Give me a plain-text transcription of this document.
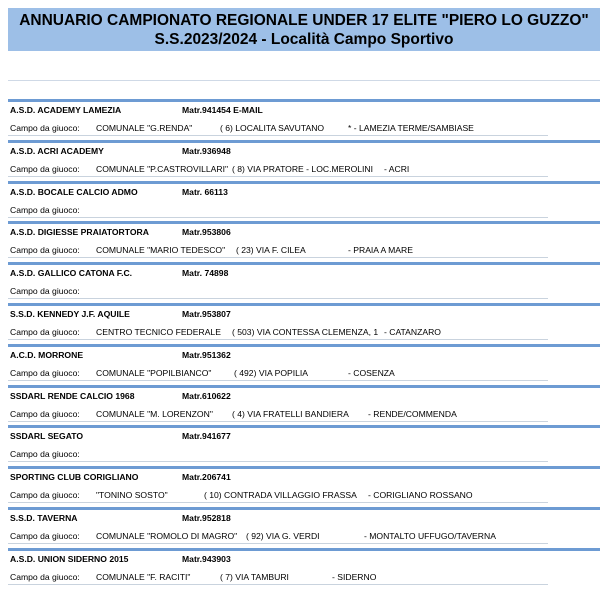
ANNUARIO CAMPIONATO REGIONALE UNDER 17 ELITE "PIERO LO GUZZO"
S.S.2023/2024 - Località Campo Sportivo
A.S.D. ACADEMY LAMEZIA	Matr.941454 E-MAIL
Campo da giuoco: COMUNALE "G.RENDA"	( 6) LOCALITA SAVUTANO	* - LAMEZIA TERME/SAMBIASE
A.S.D. ACRI ACADEMY	Matr.936948
Campo da giuoco: COMUNALE "P.CASTROVILLARI" ( 8) VIA PRATORE - LOC.MEROLINI - ACRI
A.S.D. BOCALE CALCIO ADMO	Matr. 66113
Campo da giuoco:
A.S.D. DIGIESSE PRAIATORTORA	Matr.953806
Campo da giuoco: COMUNALE "MARIO TEDESCO" ( 23) VIA F. CILEA	- PRAIA A MARE
A.S.D. GALLICO CATONA F.C.	Matr. 74898
Campo da giuoco:
S.S.D. KENNEDY J.F. AQUILE	Matr.953807
Campo da giuoco: CENTRO TECNICO FEDERALE ( 503) VIA CONTESSA CLEMENZA, 1 - CATANZARO
A.C.D. MORRONE	Matr.951362
Campo da giuoco: COMUNALE "POPILBIANCO"	( 492) VIA POPILIA	- COSENZA
SSDARL RENDE CALCIO 1968	Matr.610622
Campo da giuoco: COMUNALE "M. LORENZON" ( 4) VIA FRATELLI BANDIERA - RENDE/COMMENDA
SSDARL SEGATO	Matr.941677
Campo da giuoco:
SPORTING CLUB CORIGLIANO	Matr.206741
Campo da giuoco: "TONINO SOSTO"	( 10) CONTRADA VILLAGGIO FRASSA - CORIGLIANO ROSSANO
S.S.D. TAVERNA	Matr.952818
Campo da giuoco: COMUNALE "ROMOLO DI MAGRO" ( 92) VIA G. VERDI	- MONTALTO UFFUGO/TAVERNA
A.S.D. UNION SIDERNO 2015	Matr.943903
Campo da giuoco: COMUNALE "F. RACITI"	( 7) VIA TAMBURI	- SIDERNO
